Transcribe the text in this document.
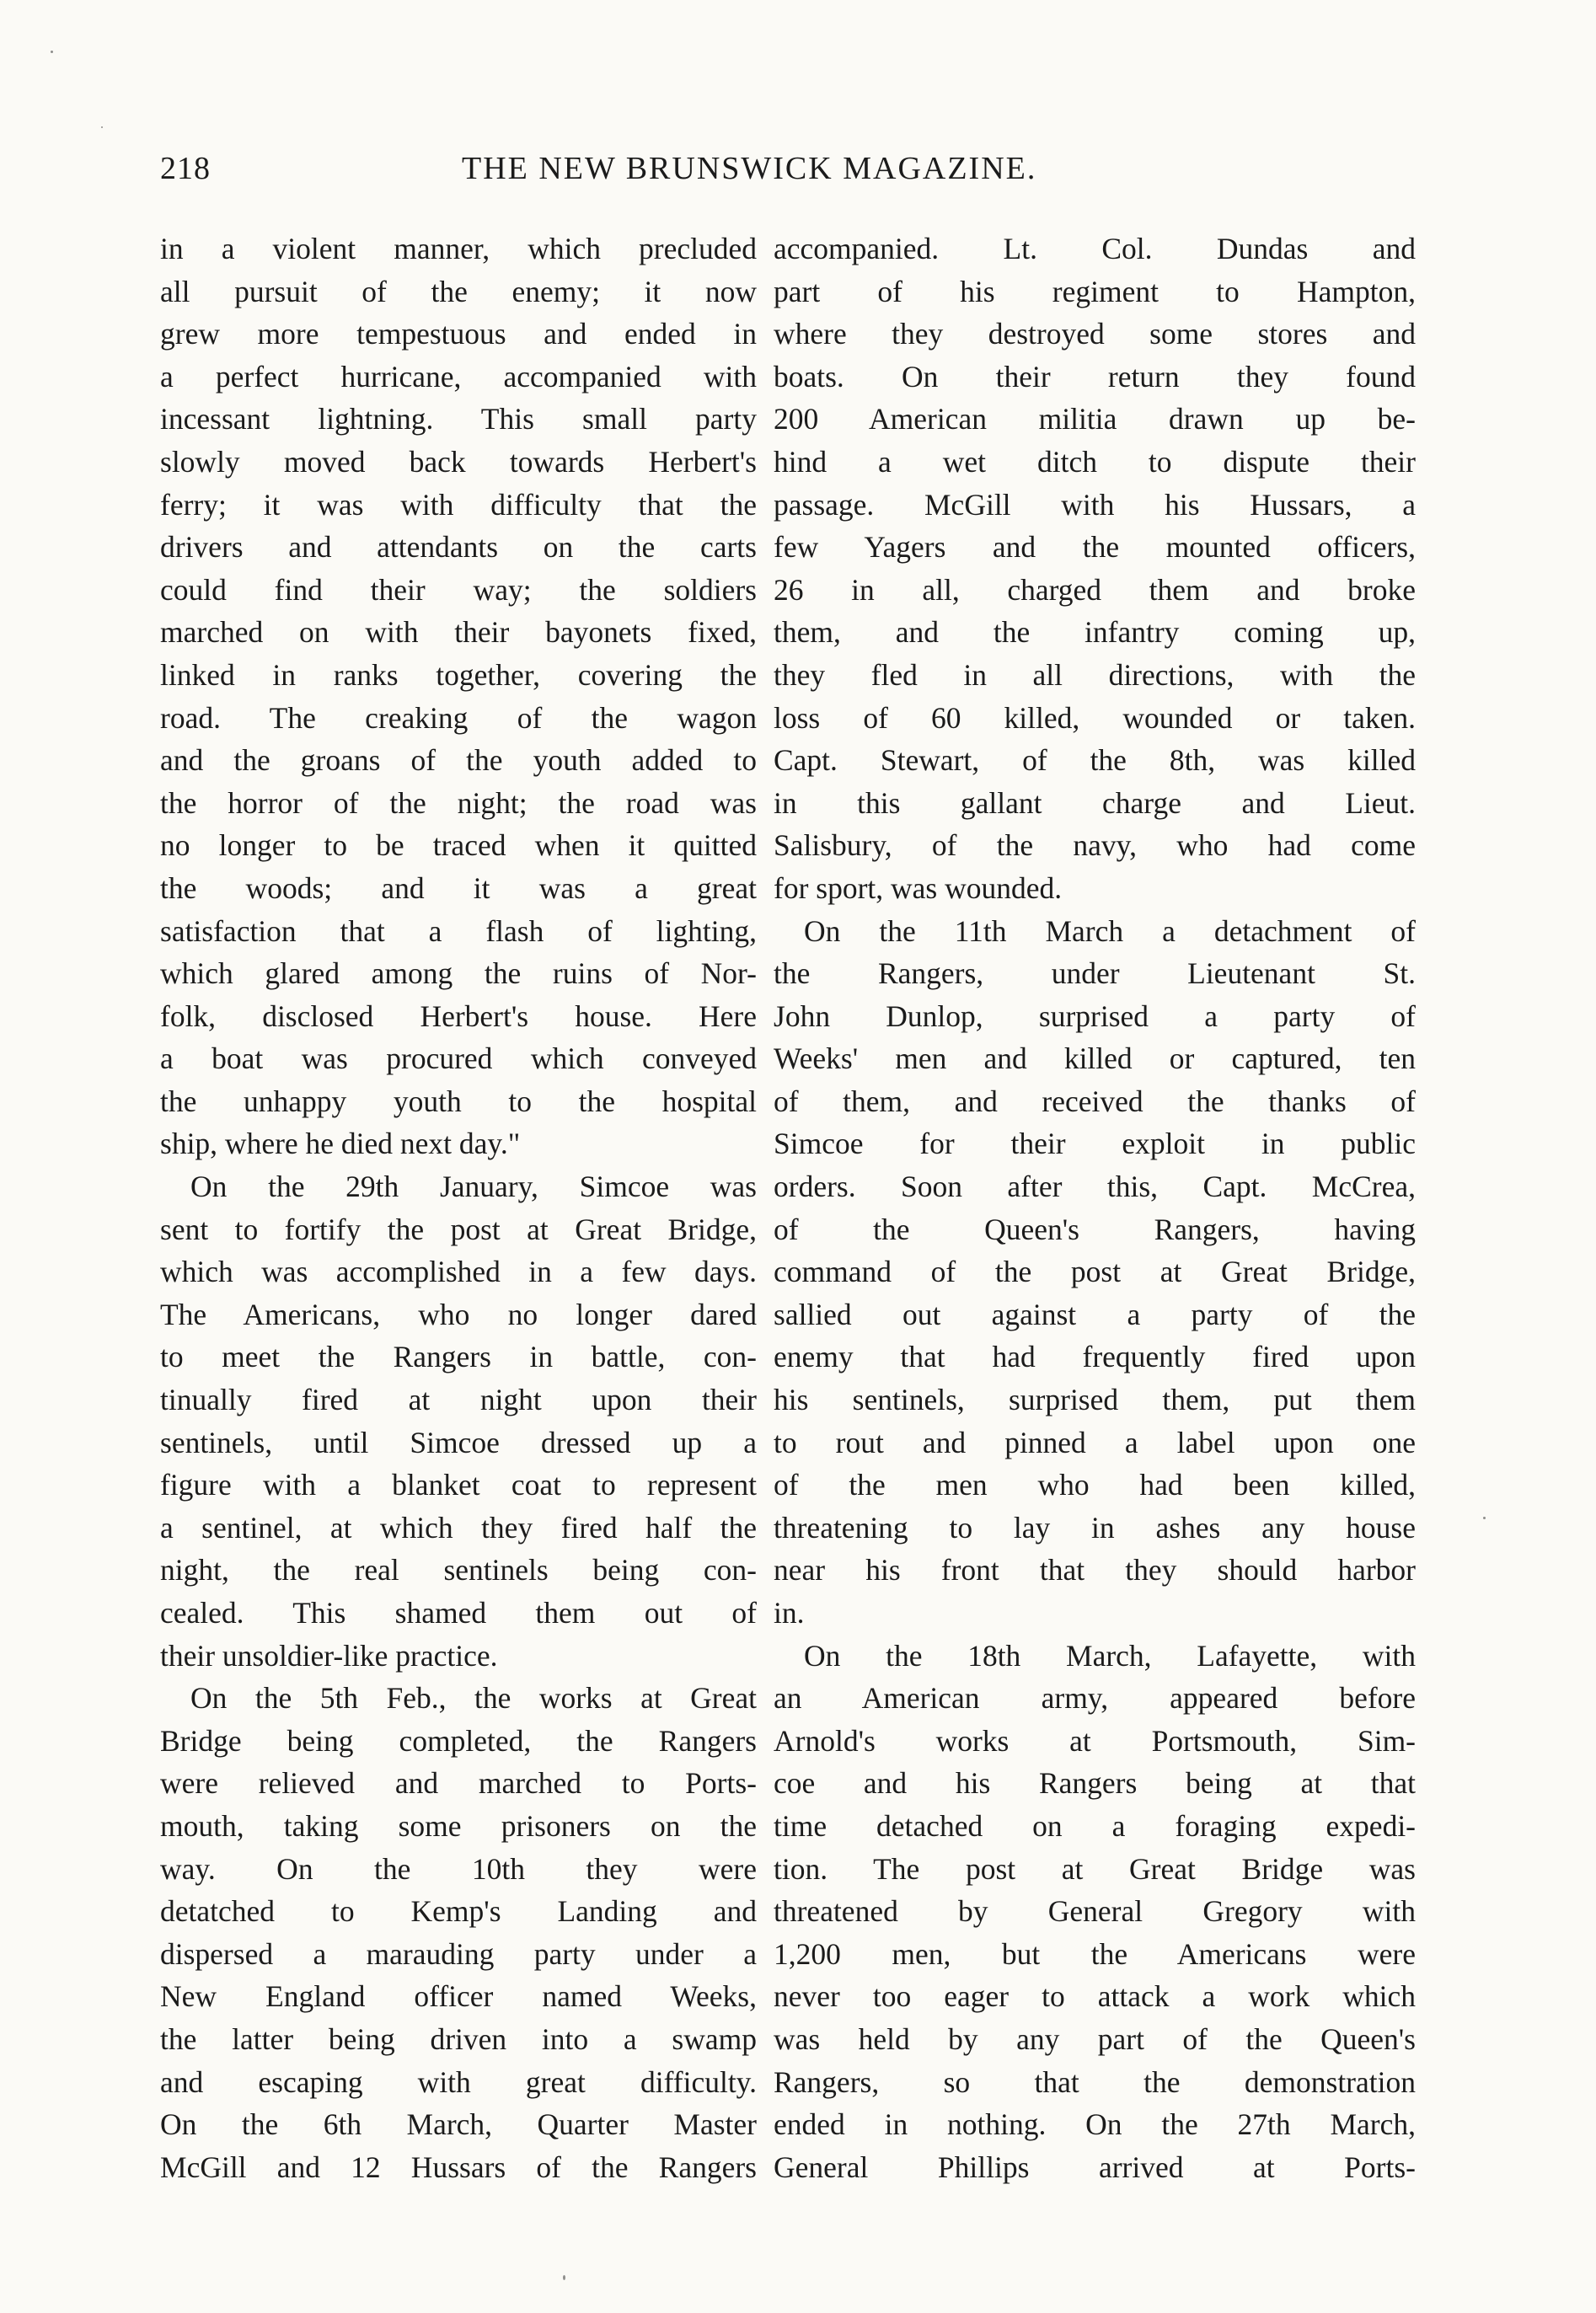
218	THE NEW BRUNSWICK MAGAZINE.
in a violent manner, which precluded
all pursuit of the enemy; it now
grew more tempestuous and ended in
a perfect hurricane, accompanied with
incessant lightning. This small party
slowly moved back towards Herbert's
ferry; it was with difficulty that the
drivers and attendants on the carts
could find their way; the soldiers
marched on with their bayonets fixed,
linked in ranks together, covering the
road. The creaking of the wagon
and the groans of the youth added to
the horror of the night; the road was
no longer to be traced when it quitted
the woods; and it was a great
satisfaction that a flash of lighting,
which glared among the ruins of Nor-
folk, disclosed Herbert's house. Here
a boat was procured which conveyed
the unhappy youth to the hospital
ship, where he died next day."
On the 29th January, Simcoe was
sent to fortify the post at Great Bridge,
which was accomplished in a few days.
The Americans, who no longer dared
to meet the Rangers in battle, con-
tinually fired at night upon their
sentinels, until Simcoe dressed up a
figure with a blanket coat to represent
a sentinel, at which they fired half the
night, the real sentinels being con-
cealed. This shamed them out of
their unsoldier-like practice.
On the 5th Feb., the works at Great
Bridge being completed, the Rangers
were relieved and marched to Ports-
mouth, taking some prisoners on the
way. On the 10th they were
detatched to Kemp's Landing and
dispersed a marauding party under a
New England officer named Weeks,
the latter being driven into a swamp
and escaping with great difficulty.
On the 6th March, Quarter Master
McGill and 12 Hussars of the Rangers
accompanied. Lt. Col. Dundas and
part of his regiment to Hampton,
where they destroyed some stores and
boats. On their return they found
200 American militia drawn up be-
hind a wet ditch to dispute their
passage. McGill with his Hussars, a
few Yagers and the mounted officers,
26 in all, charged them and broke
them, and the infantry coming up,
they fled in all directions, with the
loss of 60 killed, wounded or taken.
Capt. Stewart, of the 8th, was killed
in this gallant charge and Lieut.
Salisbury, of the navy, who had come
for sport, was wounded.
On the 11th March a detachment of
the Rangers, under Lieutenant St.
John Dunlop, surprised a party of
Weeks' men and killed or captured, ten
of them, and received the thanks of
Simcoe for their exploit in public
orders. Soon after this, Capt. McCrea,
of the Queen's Rangers, having
command of the post at Great Bridge,
sallied out against a party of the
enemy that had frequently fired upon
his sentinels, surprised them, put them
to rout and pinned a label upon one
of the men who had been killed,
threatening to lay in ashes any house
near his front that they should harbor
in.
On the 18th March, Lafayette, with
an American army, appeared before
Arnold's works at Portsmouth, Sim-
coe and his Rangers being at that
time detached on a foraging expedi-
tion. The post at Great Bridge was
threatened by General Gregory with
1,200 men, but the Americans were
never too eager to attack a work which
was held by any part of the Queen's
Rangers, so that the demonstration
ended in nothing. On the 27th March,
General Phillips arrived at Ports-
